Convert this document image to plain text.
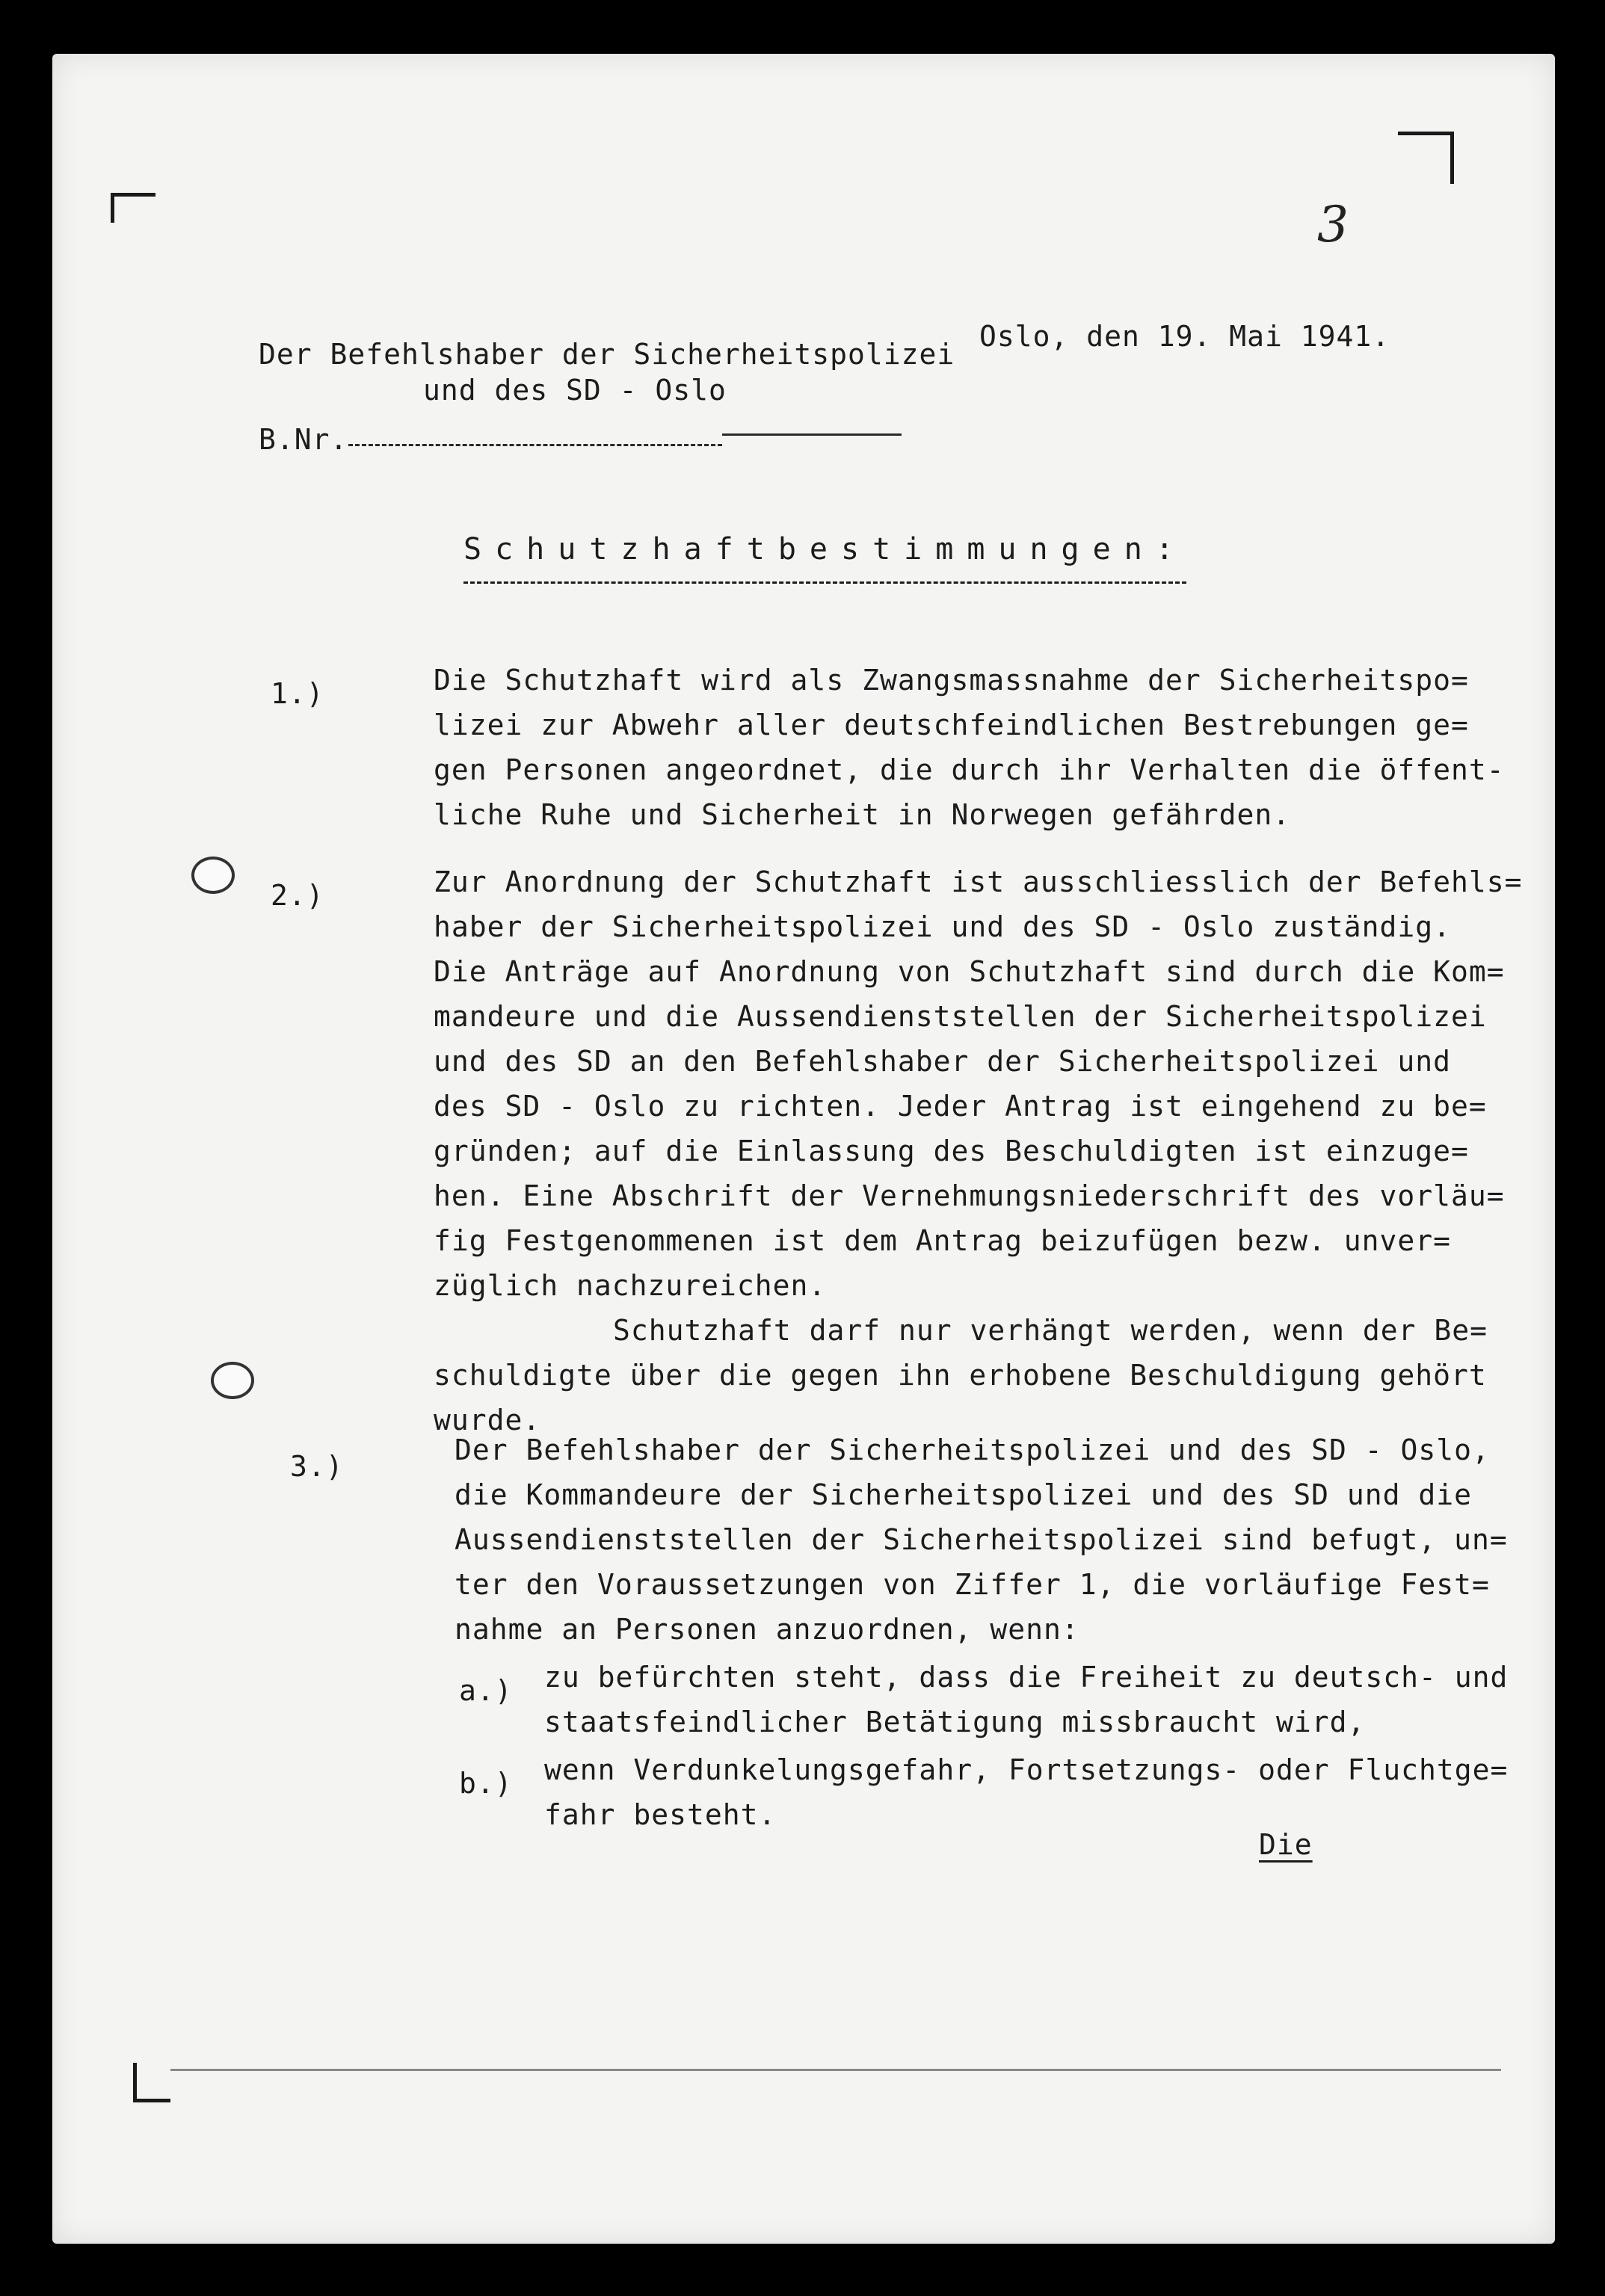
3
Der Befehlshaber der Sicherheitspolizei
und des SD - Oslo
Oslo, den 19. Mai 1941.
B.Nr.
Schutzhaftbestimmungen:
1.)	Die Schutzhaft wird als Zwangsmassnahme der Sicherheitspo=

lizei zur Abwehr aller deutschfeindlichen Bestrebungen ge=

gen Personen angeordnet, die durch ihr Verhalten die öffent-

liche Ruhe und Sicherheit in Norwegen gefährden.

2.)	Zur Anordnung der Schutzhaft ist ausschliesslich der Befehls=

haber der Sicherheitspolizei und des SD - Oslo zuständig.

Die Anträge auf Anordnung von Schutzhaft sind durch die Kom=

mandeure und die Aussendienststellen der Sicherheitspolizei

und des SD an den Befehlshaber der Sicherheitspolizei und

des SD - Oslo zu richten. Jeder Antrag ist eingehend zu be=

gründen; auf die Einlassung des Beschuldigten ist einzuge=

hen. Eine Abschrift der Vernehmungsniederschrift des vorläu=

fig Festgenommenen ist dem Antrag beizufügen bezw. unver=

züglich nachzureichen.

Schutzhaft darf nur verhängt werden, wenn der Be=

schuldigte über die gegen ihn erhobene Beschuldigung gehört

wurde.

3.)	Der Befehlshaber der Sicherheitspolizei und des SD - Oslo,

die Kommandeure der Sicherheitspolizei und des SD und die

Aussendienststellen der Sicherheitspolizei sind befugt, un=

ter den Voraussetzungen von Ziffer 1, die vorläufige Fest=

nahme an Personen anzuordnen, wenn:

a.) zu befürchten steht, dass die Freiheit zu deutsch- und

staatsfeindlicher Betätigung missbraucht wird,

b.) wenn Verdunkelungsgefahr, Fortsetzungs- oder Fluchtge=

fahr besteht.

Die
